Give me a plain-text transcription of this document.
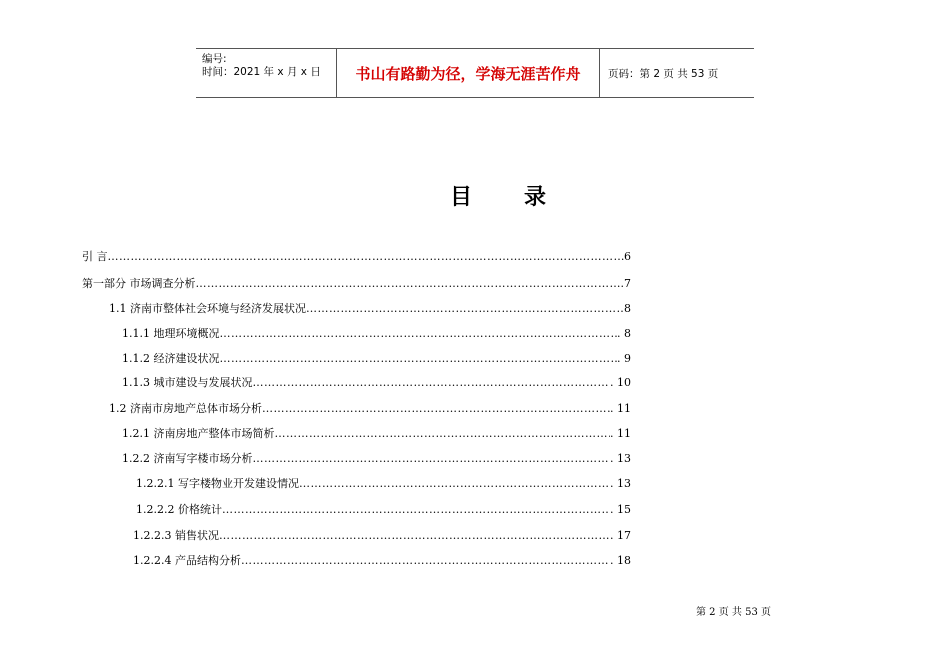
编号:
时间：2021 年 x 月 x 日	书山有路勤为径，学海无涯苦作舟	页码：第 2 页 共 53 页
目 录
引 言 ……………………………………………………………………………………………………………………………………………………………………………………………………………………	6
第一部分 市场调查分析 ……………………………………………………………………………………………………………………………………………………………………………………………………………………	.7
1.1 济南市整体社会环境与经济发展状况 ……………………………………………………………………………………………………………………………………………………………………………………………………………………	8
1.1.1 地理环境概况 ……………………………………………………………………………………………………………………………………………………………………………………………………………………	. 8
1.1.2 经济建设状况 ……………………………………………………………………………………………………………………………………………………………………………………………………………………	. 9
1.1.3 城市建设与发展状况 ……………………………………………………………………………………………………………………………………………………………………………………………………………………	. 10
1.2 济南市房地产总体市场分析 ……………………………………………………………………………………………………………………………………………………………………………………………………………………	. 11
1.2.1 济南房地产整体市场简析 ……………………………………………………………………………………………………………………………………………………………………………………………………………………	. 11
1.2.2 济南写字楼市场分析 ……………………………………………………………………………………………………………………………………………………………………………………………………………………	. 13
1.2.2.1 写字楼物业开发建设情况 ……………………………………………………………………………………………………………………………………………………………………………………………………………………	. 13
1.2.2.2 价格统计 ……………………………………………………………………………………………………………………………………………………………………………………………………………………	. 15
1.2.2.3 销售状况 ……………………………………………………………………………………………………………………………………………………………………………………………………………………	. 17
1.2.2.4 产品结构分析 ……………………………………………………………………………………………………………………………………………………………………………………………………………………	. 18
第 2 页 共 53 页
